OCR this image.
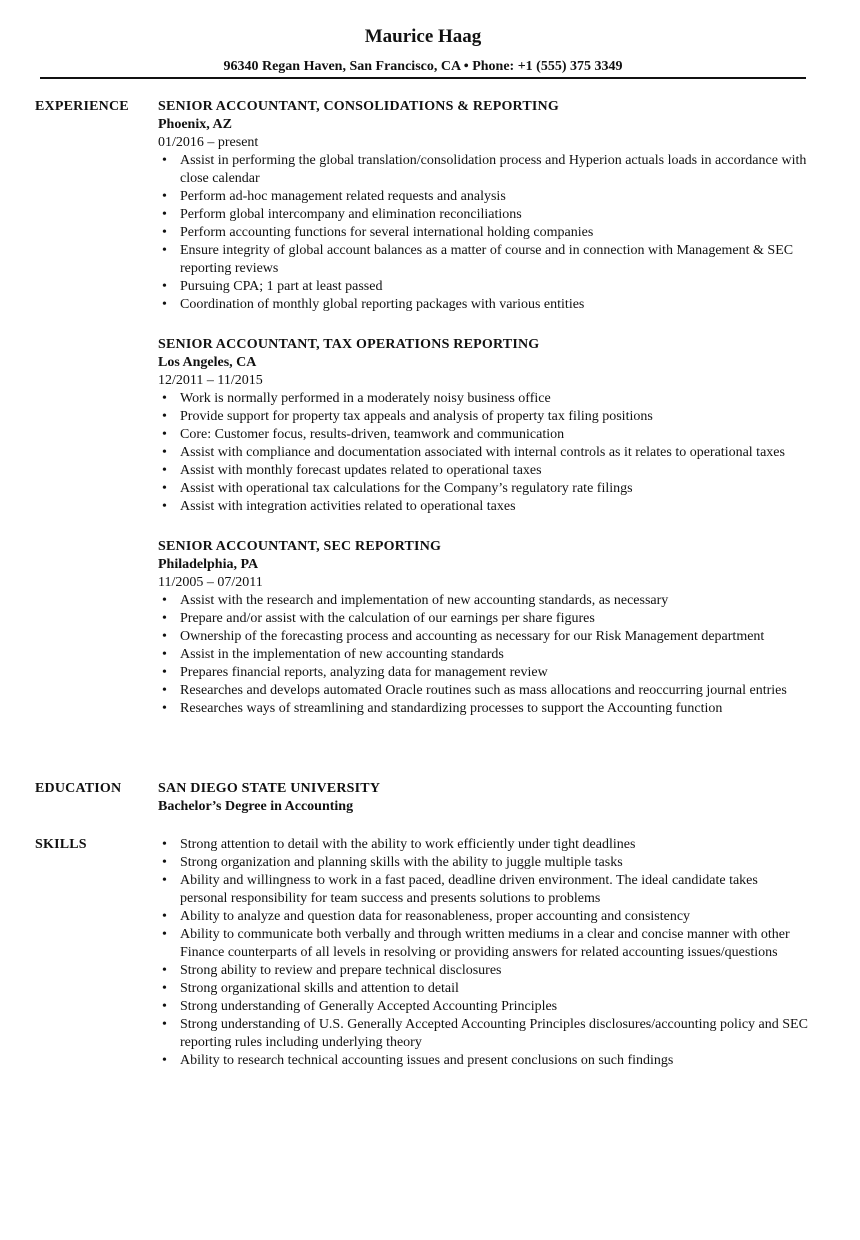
Maurice Haag
96340 Regan Haven, San Francisco, CA • Phone: +1 (555) 375 3349
EXPERIENCE	SENIOR ACCOUNTANT, CONSOLIDATIONS & REPORTING
Phoenix, AZ
01/2016 – present
• Assist in performing the global translation/consolidation process and Hyperion actuals loads in accordance with close calendar
• Perform ad-hoc management related requests and analysis
• Perform global intercompany and elimination reconciliations
• Perform accounting functions for several international holding companies
• Ensure integrity of global account balances as a matter of course and in connection with Management & SEC reporting reviews
• Pursuing CPA; 1 part at least passed
• Coordination of monthly global reporting packages with various entities
SENIOR ACCOUNTANT, TAX OPERATIONS REPORTING
Los Angeles, CA
12/2011 – 11/2015
• Work is normally performed in a moderately noisy business office
• Provide support for property tax appeals and analysis of property tax filing positions
• Core: Customer focus, results-driven, teamwork and communication
• Assist with compliance and documentation associated with internal controls as it relates to operational taxes
• Assist with monthly forecast updates related to operational taxes
• Assist with operational tax calculations for the Company’s regulatory rate filings
• Assist with integration activities related to operational taxes
SENIOR ACCOUNTANT, SEC REPORTING
Philadelphia, PA
11/2005 – 07/2011
• Assist with the research and implementation of new accounting standards, as necessary
• Prepare and/or assist with the calculation of our earnings per share figures
• Ownership of the forecasting process and accounting as necessary for our Risk Management department
• Assist in the implementation of new accounting standards
• Prepares financial reports, analyzing data for management review
• Researches and develops automated Oracle routines such as mass allocations and reoccurring journal entries
• Researches ways of streamlining and standardizing processes to support the Accounting function
EDUCATION	SAN DIEGO STATE UNIVERSITY
Bachelor’s Degree in Accounting
SKILLS
•	Strong attention to detail with the ability to work efficiently under tight deadlines
• Strong organization and planning skills with the ability to juggle multiple tasks
• Ability and willingness to work in a fast paced, deadline driven environment. The ideal candidate takes personal responsibility for team success and presents solutions to problems
• Ability to analyze and question data for reasonableness, proper accounting and consistency
• Ability to communicate both verbally and through written mediums in a clear and concise manner with other Finance counterparts of all levels in resolving or providing answers for related accounting issues/questions
• Strong ability to review and prepare technical disclosures
• Strong organizational skills and attention to detail
• Strong understanding of Generally Accepted Accounting Principles
• Strong understanding of U.S. Generally Accepted Accounting Principles disclosures/accounting policy and SEC reporting rules including underlying theory
• Ability to research technical accounting issues and present conclusions on such findings
